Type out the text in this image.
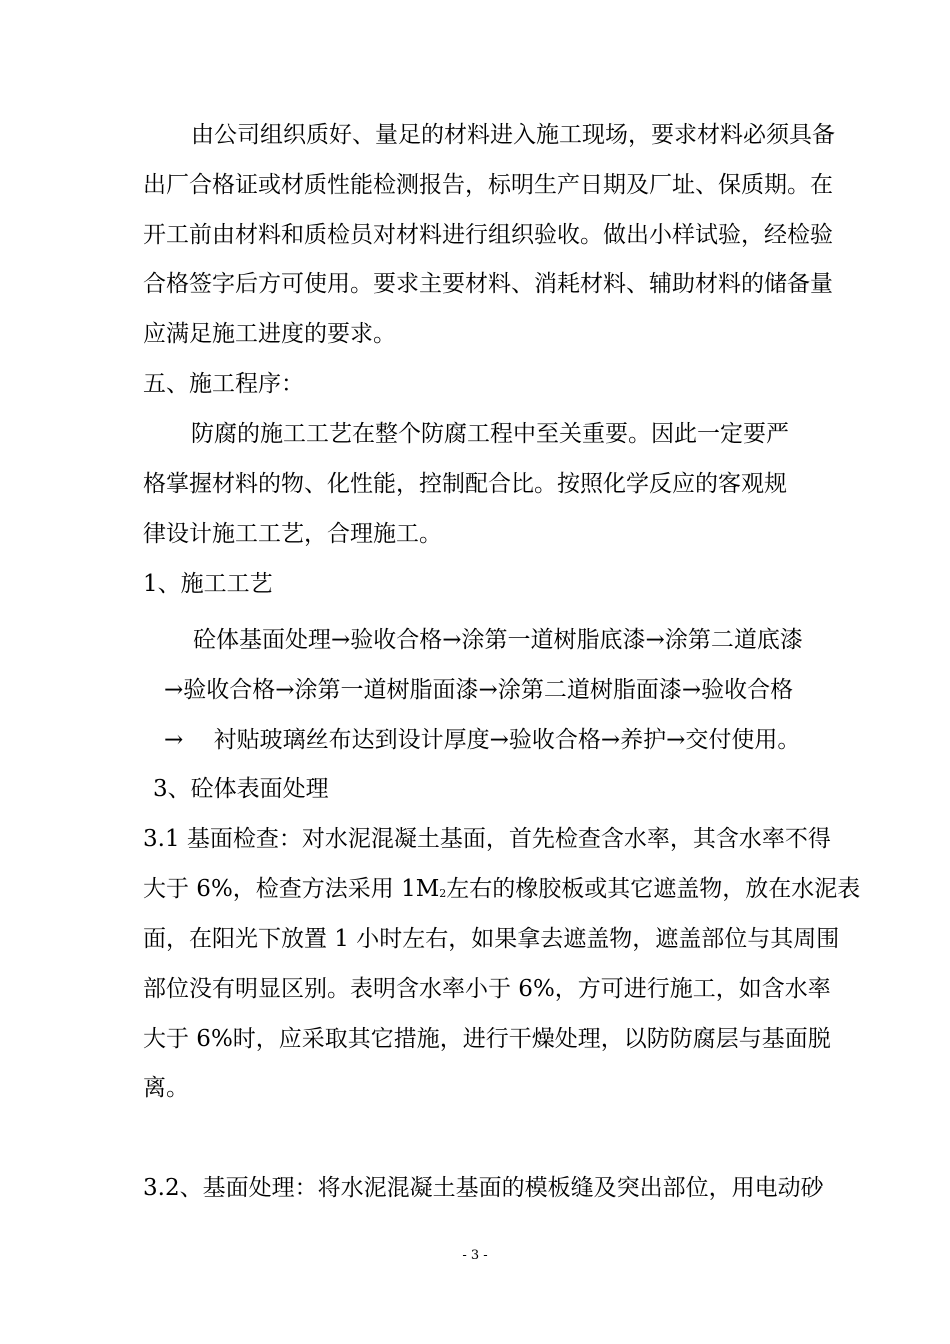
由公司组织质好、量足的材料进入施工现场，要求材料必须具备
出厂合格证或材质性能检测报告，标明生产日期及厂址、保质期。在
开工前由材料和质检员对材料进行组织验收。做出小样试验，经检验
合格签字后方可使用。要求主要材料、消耗材料、辅助材料的储备量
应满足施工进度的要求。
五、施工程序：
防腐的施工工艺在整个防腐工程中至关重要。因此一定要严
格掌握材料的物、化性能，控制配合比。按照化学反应的客观规
律设计施工工艺，合理施工。
1、施工工艺
砼体基面处理→验收合格→涂第一道树脂底漆→涂第二道底漆
→验收合格→涂第一道树脂面漆→涂第二道树脂面漆→验收合格
→　 衬贴玻璃丝布达到设计厚度→验收合格→养护→交付使用。
3、砼体表面处理
3.1 基面检查：对水泥混凝土基面，首先检查含水率，其含水率不得
大于 6%，检查方法采用 $1M_2$左右的橡胶板或其它遮盖物，放在水泥表
面，在阳光下放置 1 小时左右，如果拿去遮盖物，遮盖部位与其周围
部位没有明显区别。表明含水率小于 6%，方可进行施工，如含水率
大于 6%时，应采取其它措施，进行干燥处理，以防防腐层与基面脱
离。
3.2、基面处理：将水泥混凝土基面的模板缝及突出部位，用电动砂
- 3 -
